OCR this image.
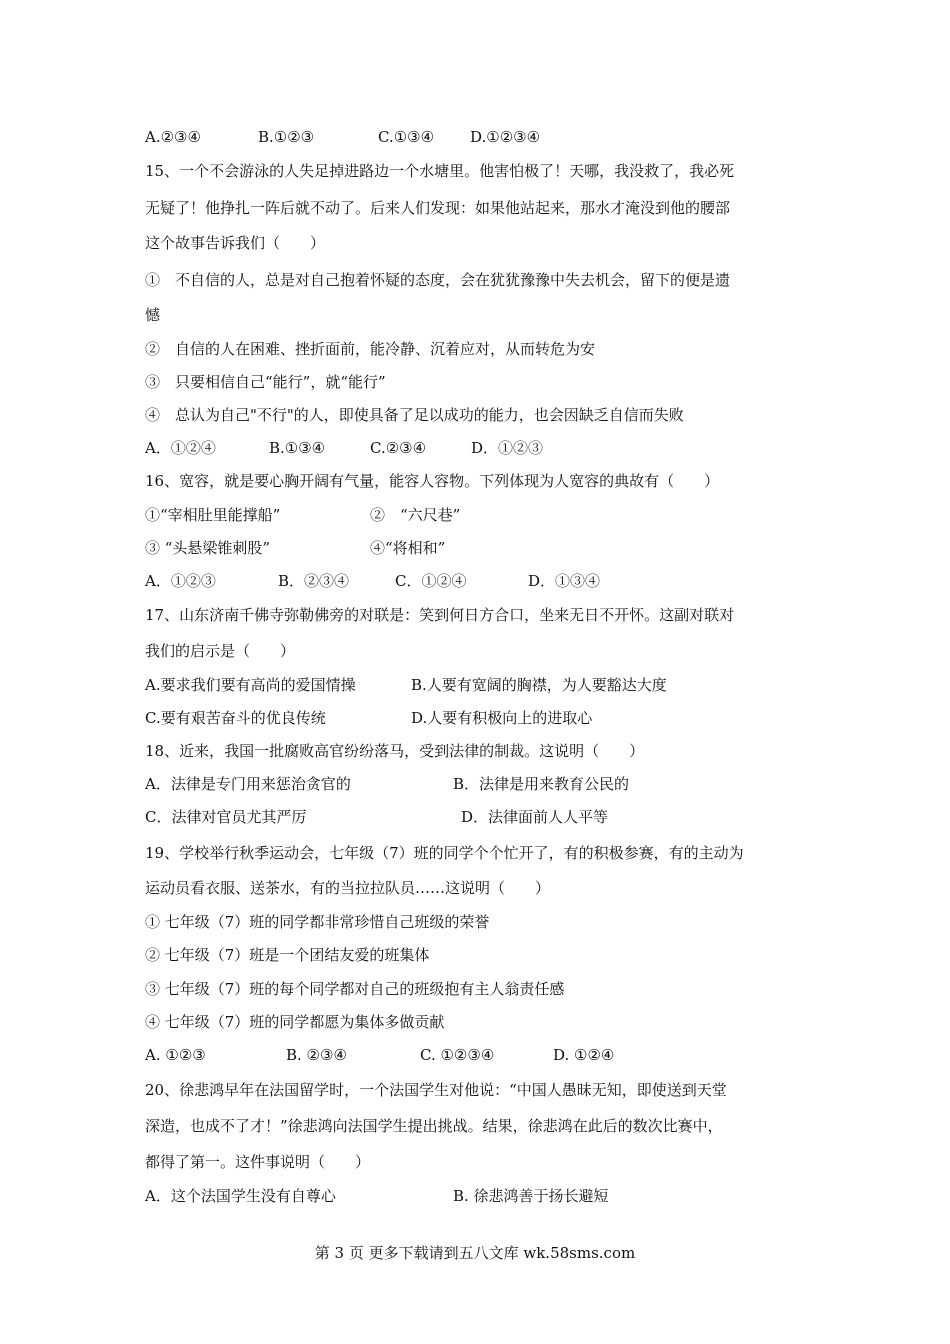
A.②③④	B.①②③	C.①③④ D.①②③④
15、一个不会游泳的人失足掉进路边一个水塘里。他害怕极了！天哪，我没救了，我必死
无疑了！他挣扎一阵后就不动了。后来人们发现：如果他站起来，那水才淹没到他的腰部
这个故事告诉我们（　　）
①　不自信的人，总是对自己抱着怀疑的态度，会在犹犹豫豫中失去机会，留下的便是遗
憾
②　自信的人在困难、挫折面前，能冷静、沉着应对，从而转危为安
③　只要相信自己“能行”，就“能行”
④　总认为自己"不行"的人，即使具备了足以成功的能力，也会因缺乏自信而失败
A．①②④	B.①③④	C.②③④	D．①②③
16、宽容，就是要心胸开阔有气量，能容人容物。下列体现为人宽容的典故有（　　）
①“宰相肚里能撑船”	②　“六尺巷”
③ “头悬梁锥刺股”	④“将相和”
A．①②③	B．②③④	C．①②④	D．①③④
17、山东济南千佛寺弥勒佛旁的对联是：笑到何日方合口，坐来无日不开怀。这副对联对
我们的启示是（　　）
A.要求我们要有高尚的爱国情操	B.人要有宽阔的胸襟，为人要豁达大度
C.要有艰苦奋斗的优良传统	D.人要有积极向上的进取心
18、近来，我国一批腐败高官纷纷落马，受到法律的制裁。这说明（　　）
A．法律是专门用来惩治贪官的	B．法律是用来教育公民的
C．法律对官员尤其严厉	D．法律面前人人平等
19、学校举行秋季运动会，七年级（7）班的同学个个忙开了，有的积极参赛，有的主动为
运动员看衣服、送茶水，有的当拉拉队员……这说明（　　）
① 七年级（7）班的同学都非常珍惜自己班级的荣誉
② 七年级（7）班是一个团结友爱的班集体
③ 七年级（7）班的每个同学都对自己的班级抱有主人翁责任感
④ 七年级（7）班的同学都愿为集体多做贡献
A. ①②③	B. ②③④	C. ①②③④	D. ①②④
20、徐悲鸿早年在法国留学时，一个法国学生对他说：“中国人愚昧无知，即使送到天堂
深造，也成不了才！”徐悲鸿向法国学生提出挑战。结果，徐悲鸿在此后的数次比赛中，
都得了第一。这件事说明（　　）
A．这个法国学生没有自尊心	B. 徐悲鸿善于扬长避短
第 3 页 更多下载请到五八文库 wk.58sms.com
